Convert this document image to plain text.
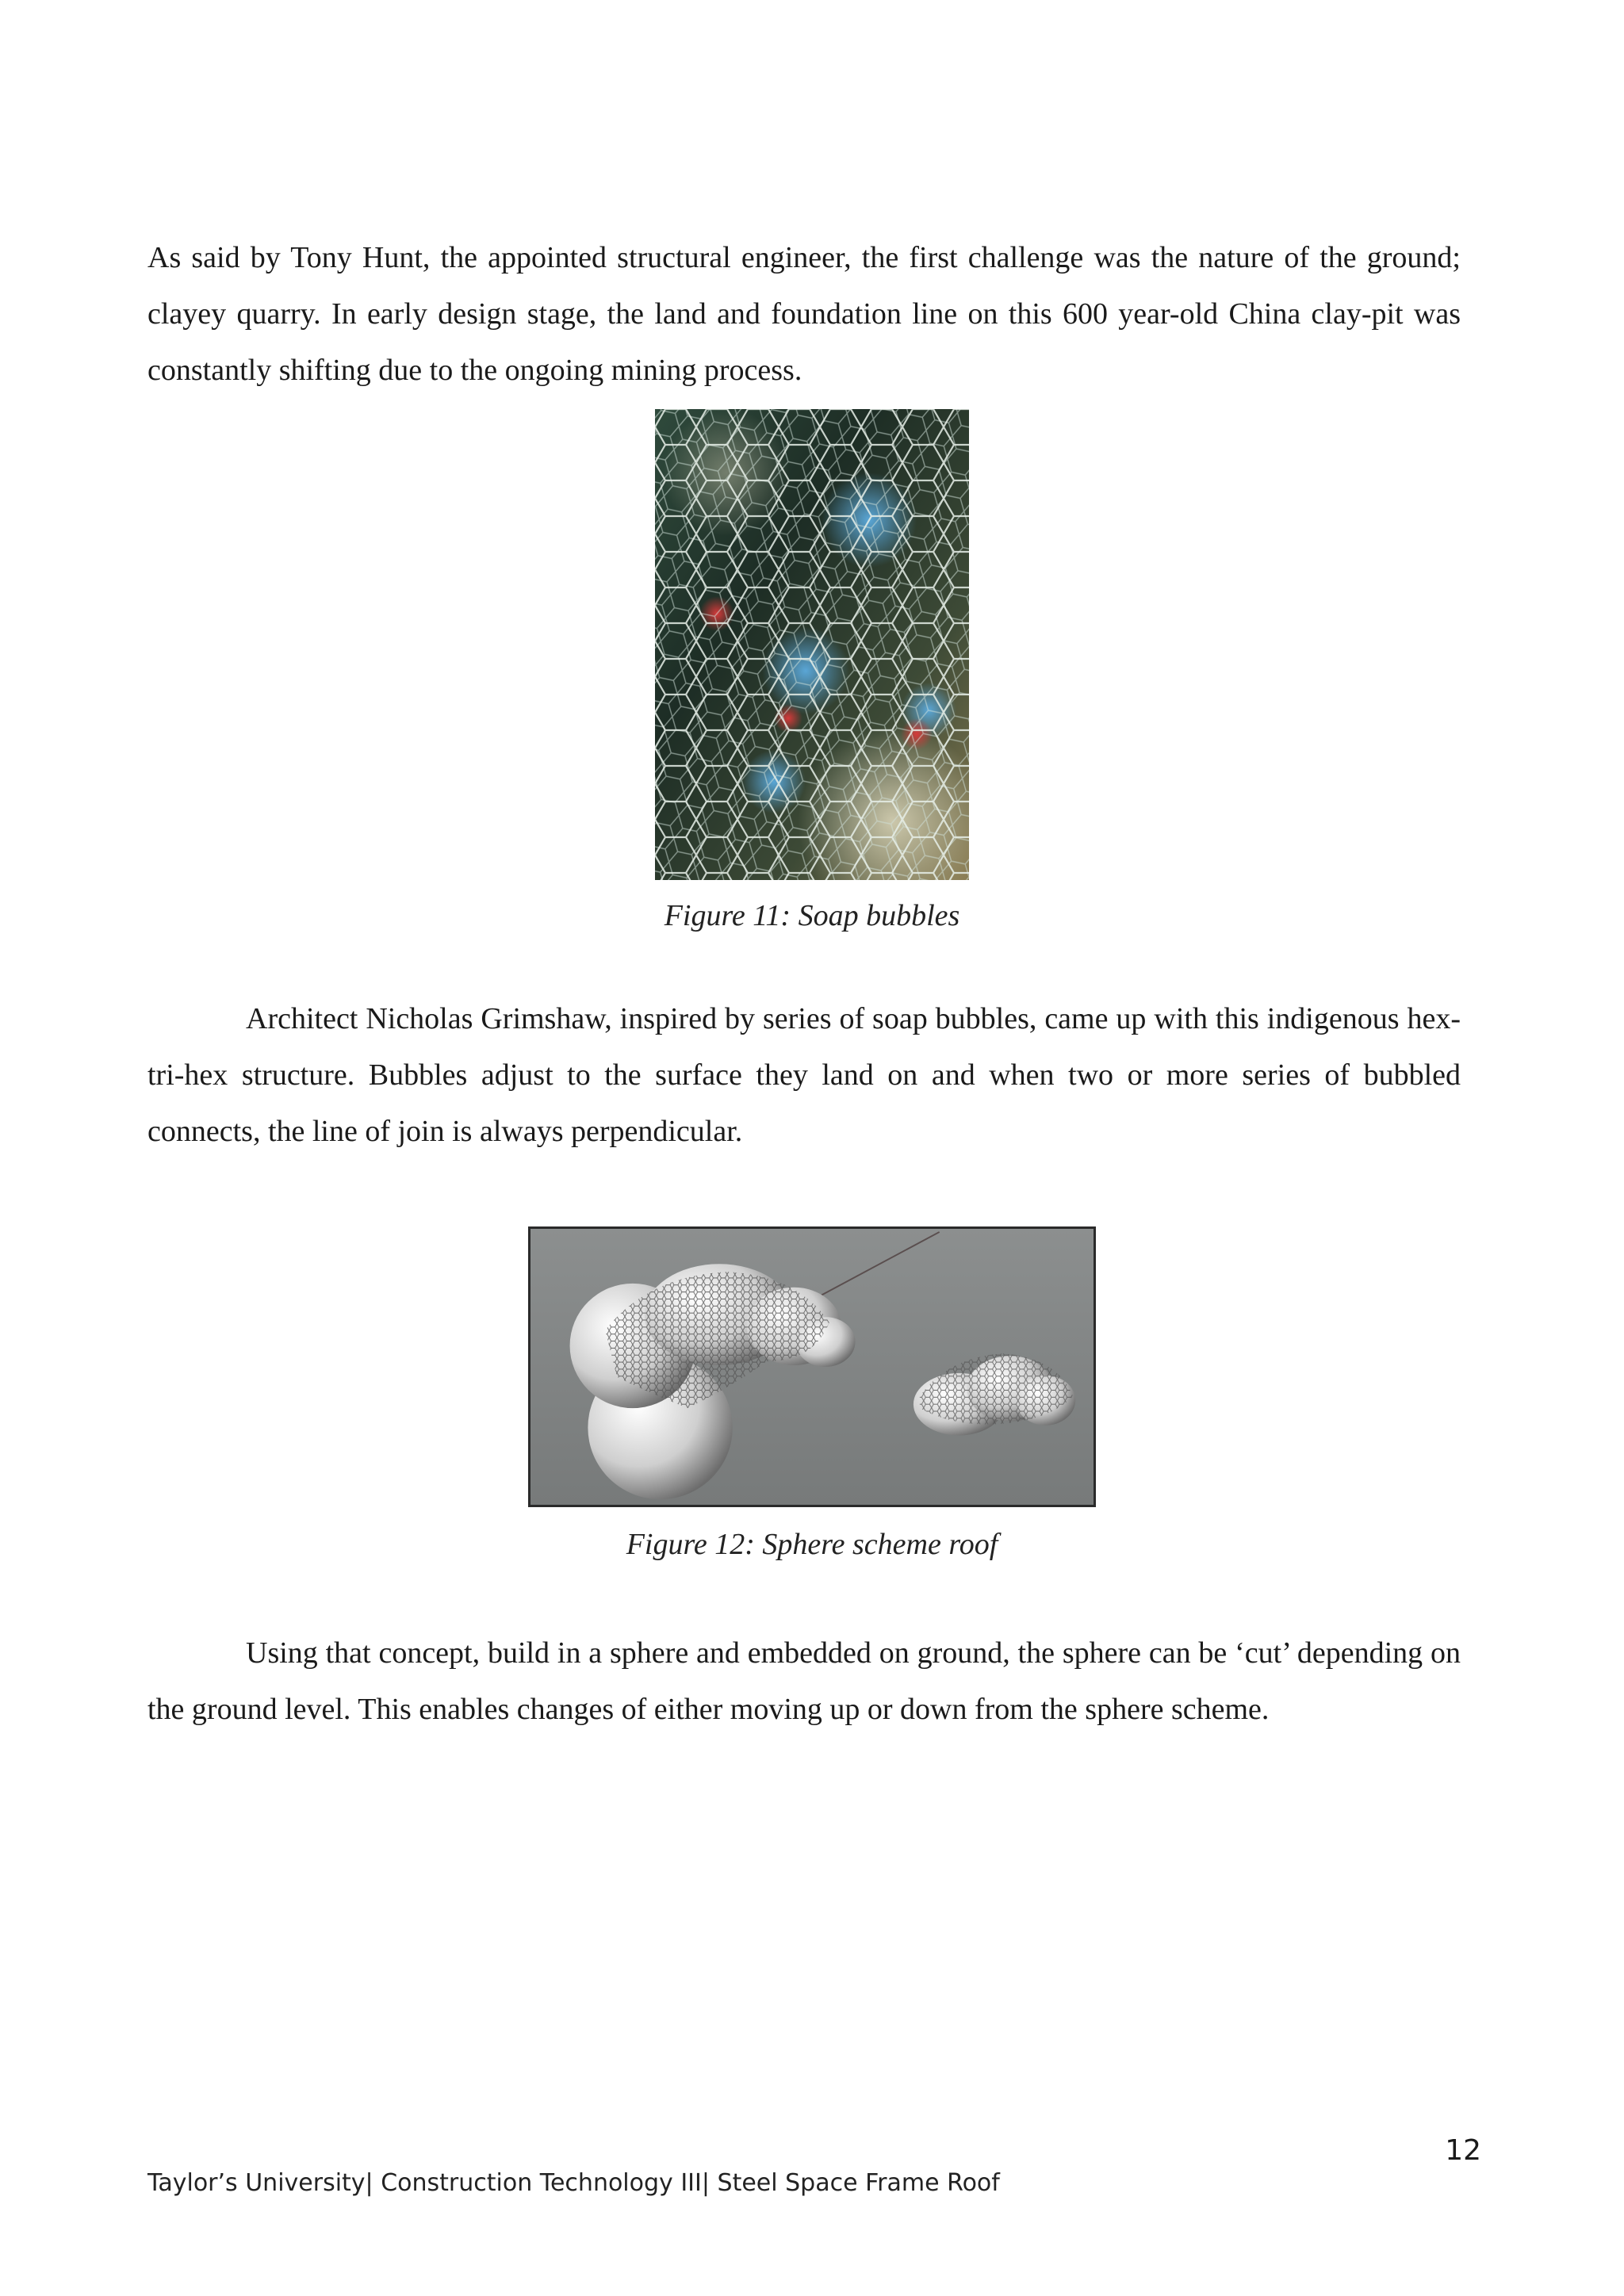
As said by Tony Hunt, the appointed structural engineer, the first challenge was the nature of the ground; clayey quarry. In early design stage, the land and foundation line on this 600 year-old China clay-pit was constantly shifting due to the ongoing mining process.

Figure 11: Soap bubbles

Architect Nicholas Grimshaw, inspired by series of soap bubbles, came up with this indigenous hex-tri-hex structure. Bubbles adjust to the surface they land on and when two or more series of bubbled connects, the line of join is always perpendicular.

Figure 12: Sphere scheme roof

Using that concept, build in a sphere and embedded on ground, the sphere can be ‘cut’ depending on the ground level. This enables changes of either moving up or down from the sphere scheme.

12
Taylor’s University| Construction Technology III| Steel Space Frame Roof
